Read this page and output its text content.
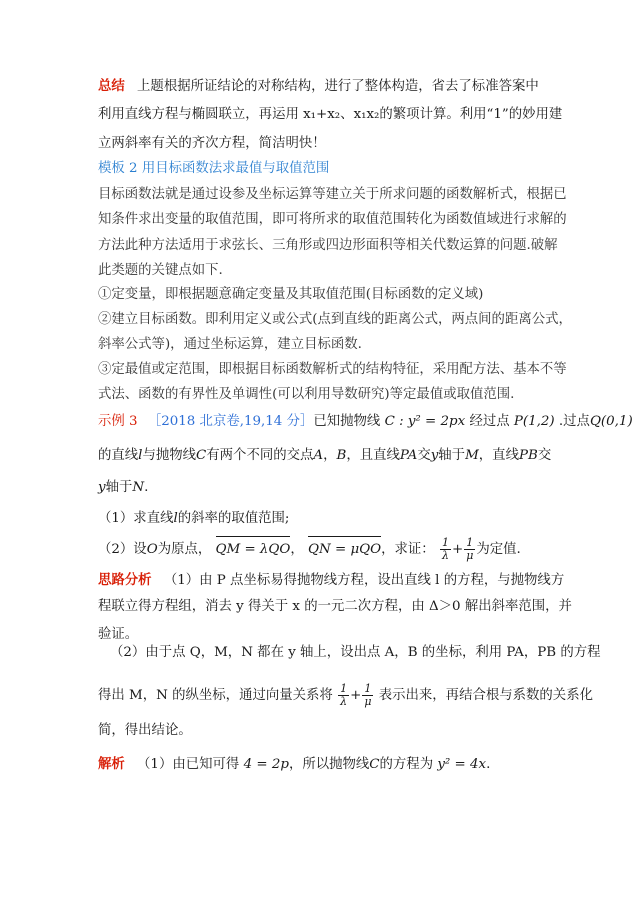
总结 上题根据所证结论的对称结构，进行了整体构造，省去了标准答案中
利用直线方程与椭圆联立，再运用 x₁+x₂、x₁x₂的繁项计算。利用“1”的妙用建
立两斜率有关的齐次方程，简洁明快！
模板 2 用目标函数法求最值与取值范围
目标函数法就是通过设参及坐标运算等建立关于所求问题的函数解析式，根据已
知条件求出变量的取值范围，即可将所求的取值范围转化为函数值域进行求解的
方法此种方法适用于求弦长、三角形或四边形面积等相关代数运算的问题.破解
此类题的关键点如下.
①定变量，即根据题意确定变量及其取值范围(目标函数的定义域)
②建立目标函数。即利用定义或公式(点到直线的距离公式，两点间的距离公式，
斜率公式等)，通过坐标运算，建立目标函数.
③定最值或定范围，即根据目标函数解析式的结构特征，采用配方法、基本不等
式法、函数的有界性及单调性(可以利用导数研究)等定最值或取值范围.
示例 3 ［2018 北京卷,19,14 分］已知抛物线 C : y² = 2px 经过点 P(1,2) .过点Q(0,1)
的直线l与抛物线C有两个不同的交点A，B，且直线PA交y轴于M，直线PB交
y轴于N.
（1）求直线l的斜率的取值范围;
（2）设O为原点， QM = λQO， QN = μQO，求证： $\frac{1}{\lambda} + \frac{1}{\mu}$ 为定值.
思路分析 （1）由 P 点坐标易得抛物线方程，设出直线 l 的方程，与抛物线方
程联立得方程组，消去 y 得关于 x 的一元二次方程，由 Δ＞0 解出斜率范围，并
验证。
（2）由于点 Q，M，N 都在 y 轴上，设出点 A，B 的坐标，利用 PA，PB 的方程
得出 M，N 的纵坐标，通过向量关系将 $\frac{1}{\lambda} + \frac{1}{\mu}$ 表示出来，再结合根与系数的关系化
简，得出结论。
解析 （1）由已知可得 4 = 2p，所以抛物线C的方程为 y² = 4x.
